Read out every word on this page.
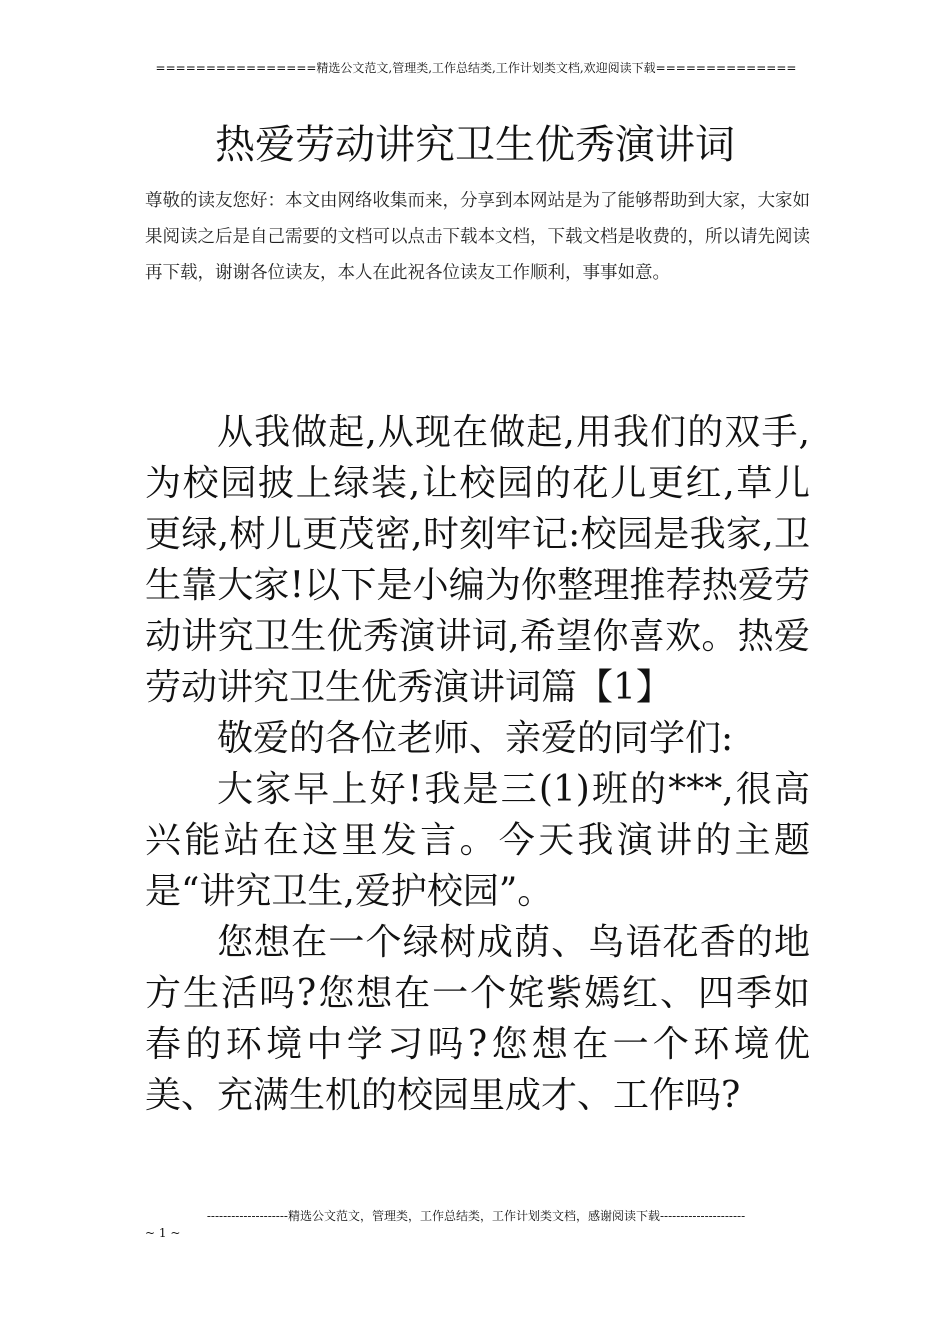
================精选公文范文,管理类,工作总结类,工作计划类文档,欢迎阅读下载==============
热爱劳动讲究卫生优秀演讲词
尊敬的读友您好：本文由网络收集而来，分享到本网站是为了能够帮助到大家，大家如果阅读之后是自己需要的文档可以点击下载本文档，下载文档是收费的，所以请先阅读再下载，谢谢各位读友，本人在此祝各位读友工作顺利，事事如意。

从我做起,从现在做起,用我们的双手,为校园披上绿装,让校园的花儿更红,草儿更绿,树儿更茂密,时刻牢记:校园是我家,卫生靠大家!以下是小编为你整理推荐热爱劳动讲究卫生优秀演讲词,希望你喜欢。热爱劳动讲究卫生优秀演讲词篇【1】

敬爱的各位老师、亲爱的同学们:

大家早上好!我是三(1)班的***,很高兴能站在这里发言。今天我演讲的主题是“讲究卫生,爱护校园”。

您想在一个绿树成荫、鸟语花香的地方生活吗?您想在一个姹紫嫣红、四季如春的环境中学习吗?您想在一个环境优美、充满生机的校园里成才、工作吗?

--------------------精选公文范文，管理类，工作总结类，工作计划类文档，感谢阅读下载---------------------
~ 1 ~
